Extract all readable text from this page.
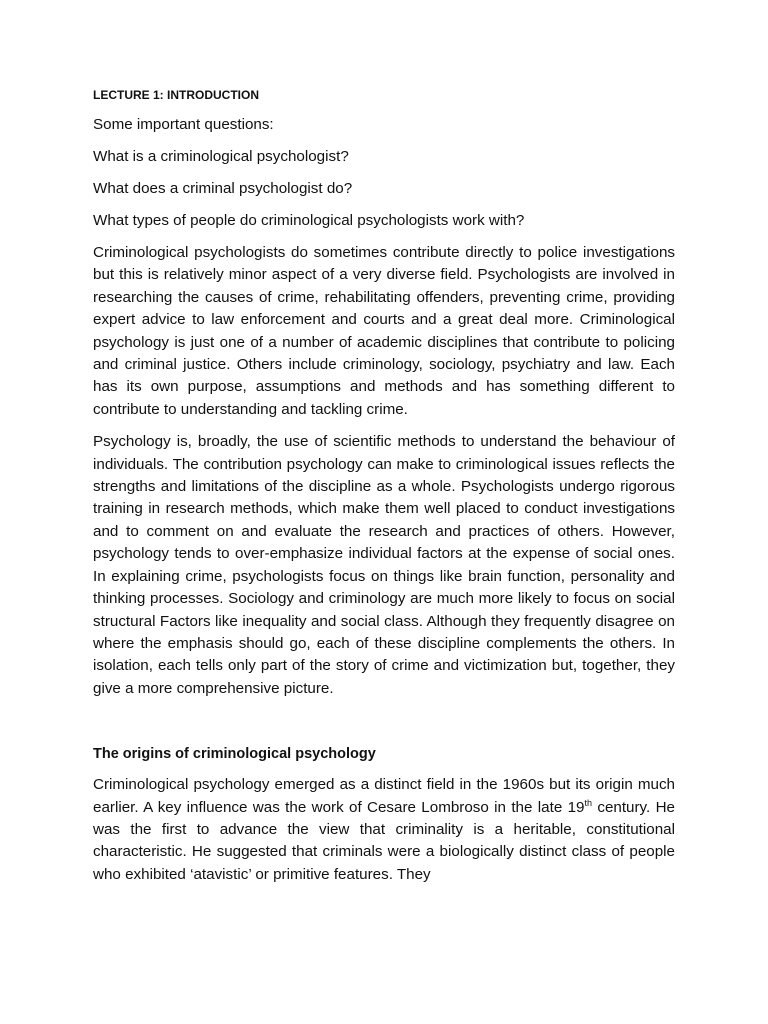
LECTURE 1: INTRODUCTION
Some important questions:
What is a criminological psychologist?
What does a criminal psychologist do?
What types of people do criminological psychologists work with?

Criminological psychologists do sometimes contribute directly to police investigations but this is relatively minor aspect of a very diverse field. Psychologists are involved in researching the causes of crime, rehabilitating offenders, preventing crime, providing expert advice to law enforcement and courts and a great deal more. Criminological psychology is just one of a number of academic disciplines that contribute to policing and criminal justice. Others include criminology, sociology, psychiatry and law. Each has its own purpose, assumptions and methods and has something different to contribute to understanding and tackling crime.

Psychology is, broadly, the use of scientific methods to understand the behaviour of individuals. The contribution psychology can make to criminological issues reflects the strengths and limitations of the discipline as a whole. Psychologists undergo rigorous training in research methods, which make them well placed to conduct investigations and to comment on and evaluate the research and practices of others. However, psychology tends to over-emphasize individual factors at the expense of social ones. In explaining crime, psychologists focus on things like brain function, personality and thinking processes. Sociology and criminology are much more likely to focus on social structural Factors like inequality and social class. Although they frequently disagree on where the emphasis should go, each of these discipline complements the others. In isolation, each tells only part of the story of crime and victimization but, together, they give a more comprehensive picture.

The origins of criminological psychology

Criminological psychology emerged as a distinct field in the 1960s but its origin much earlier. A key influence was the work of Cesare Lombroso in the late 19th century. He was the first to advance the view that criminality is a heritable, constitutional characteristic. He suggested that criminals were a biologically distinct class of people who exhibited ‘atavistic’ or primitive features. They
